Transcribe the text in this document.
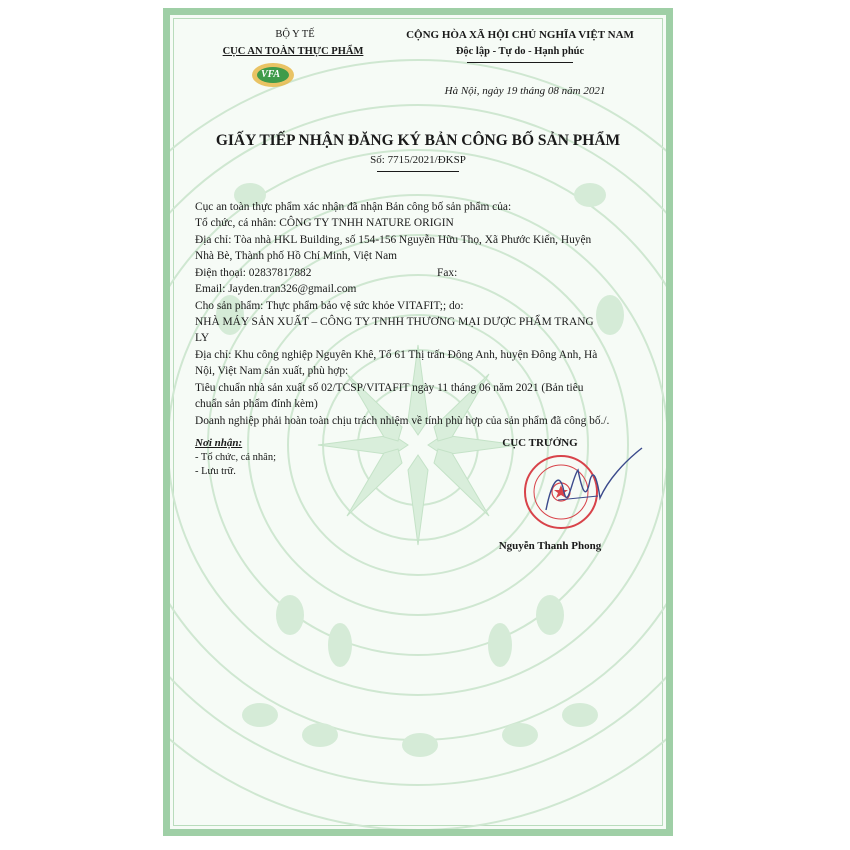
BỘ Y TẾ
CỤC AN TOÀN THỰC PHẨM
VFA
CỘNG HÒA XÃ HỘI CHỦ NGHĨA VIỆT NAM
Độc lập - Tự do - Hạnh phúc
Hà Nội, ngày 19 tháng 08 năm 2021
GIẤY TIẾP NHẬN ĐĂNG KÝ BẢN CÔNG BỐ SẢN PHẨM
Số: 7715/2021/ĐKSP
Cục an toàn thực phẩm xác nhận đã nhận Bản công bố sản phẩm của:
Tổ chức, cá nhân: CÔNG TY TNHH NATURE ORIGIN
Địa chỉ: Tòa nhà HKL Building, số 154-156 Nguyễn Hữu Thọ, Xã Phước Kiển, Huyện
Nhà Bè, Thành phố Hồ Chí Minh, Việt Nam
Điện thoại: 02837817882	Fax:
Email: Jayden.tran326@gmail.com
Cho sản phẩm: Thực phẩm bảo vệ sức khỏe VITAFIT;; do:
NHÀ MÁY SẢN XUẤT – CÔNG TY TNHH THƯƠNG MẠI DƯỢC PHẨM TRANG
LY
Địa chỉ: Khu công nghiệp Nguyên Khê, Tổ 61 Thị trấn Đông Anh, huyện Đông Anh, Hà
Nội, Việt Nam sản xuất, phù hợp:
Tiêu chuẩn nhà sản xuất số 02/TCSP/VITAFIT ngày 11 tháng 06 năm 2021 (Bản tiêu
chuẩn sản phẩm đính kèm)
Doanh nghiệp phải hoàn toàn chịu trách nhiệm về tính phù hợp của sản phẩm đã công bố./.
Nơi nhận:
- Tổ chức, cá nhân;
- Lưu trữ.
CỤC TRƯỞNG
Nguyễn Thanh Phong
